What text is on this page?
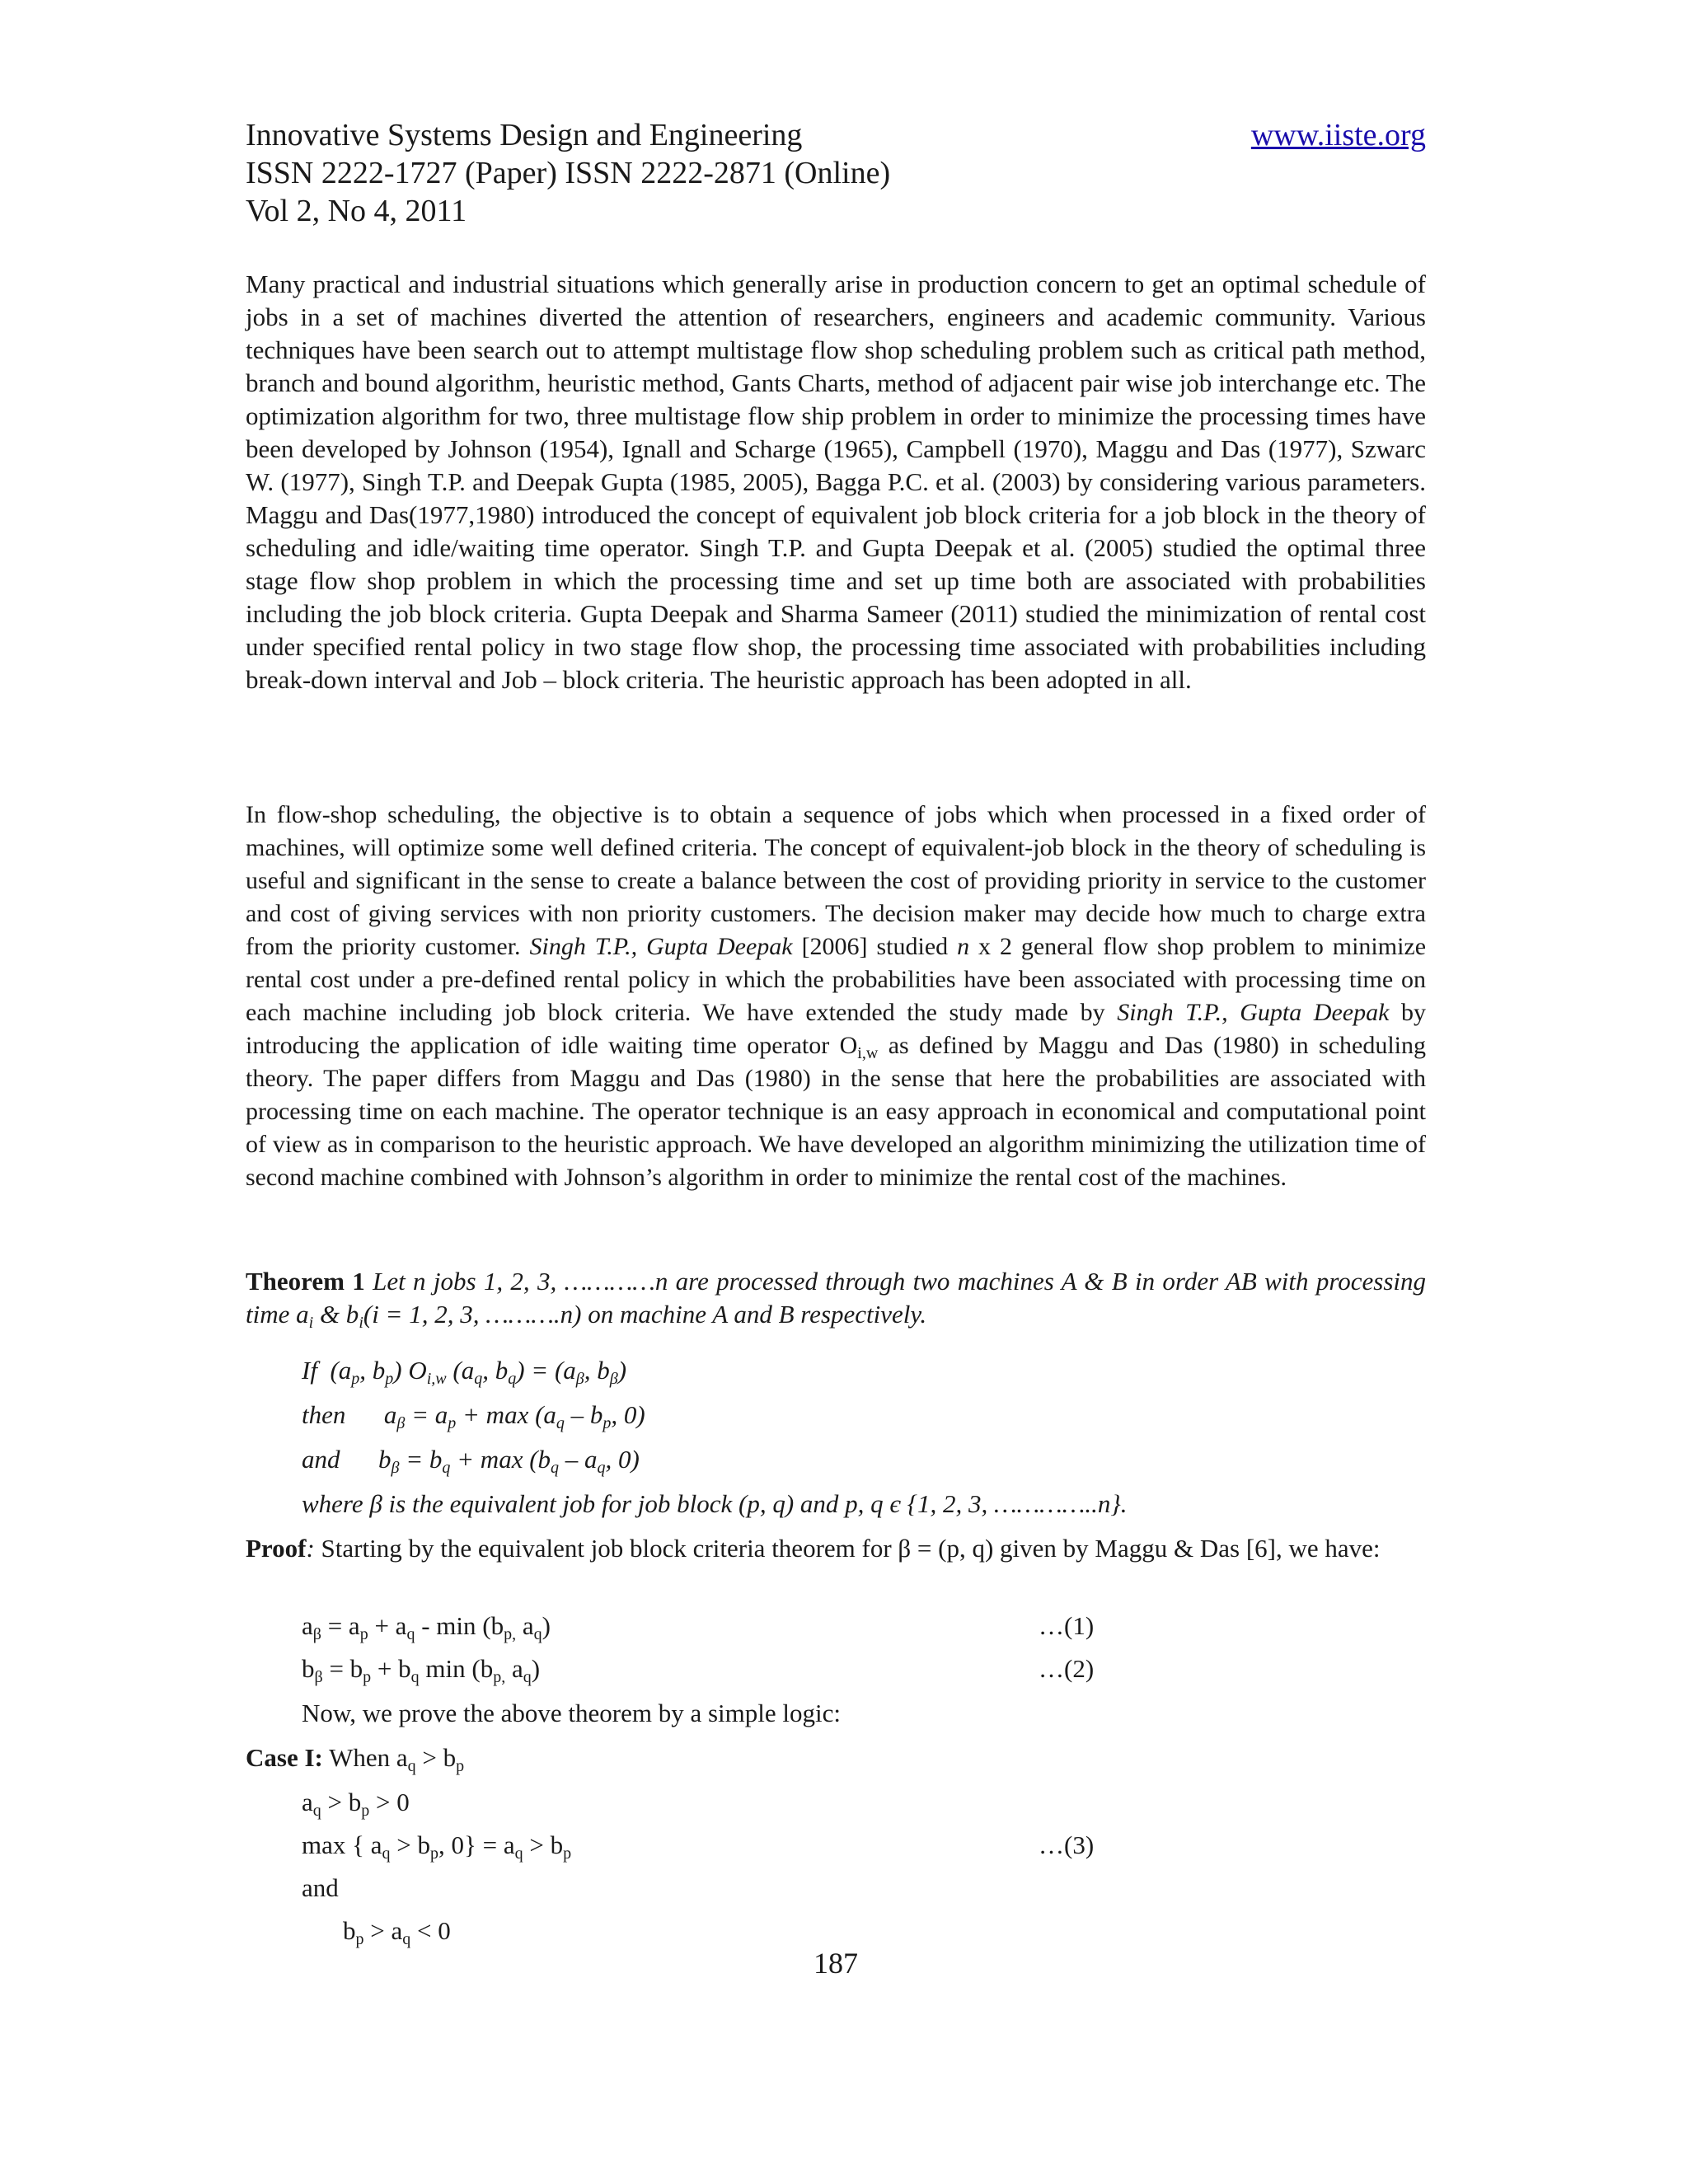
Innovative Systems Design and Engineering	www.iiste.org
ISSN 2222-1727 (Paper) ISSN 2222-2871 (Online)
Vol 2, No 4, 2011

Many practical and industrial situations which generally arise in production concern to get an optimal schedule of jobs in a set of machines diverted the attention of researchers, engineers and academic community. Various techniques have been search out to attempt multistage flow shop scheduling problem such as critical path method, branch and bound algorithm, heuristic method, Gants Charts, method of adjacent pair wise job interchange etc. The optimization algorithm for two, three multistage flow ship problem in order to minimize the processing times have been developed by Johnson (1954), Ignall and Scharge (1965), Campbell (1970), Maggu and Das (1977), Szwarc W. (1977), Singh T.P. and Deepak Gupta (1985, 2005), Bagga P.C. et al. (2003) by considering various parameters. Maggu and Das(1977,1980) introduced the concept of equivalent job block criteria for a job block in the theory of scheduling and idle/waiting time operator. Singh T.P. and Gupta Deepak et al. (2005) studied the optimal three stage flow shop problem in which the processing time and set up time both are associated with probabilities including the job block criteria. Gupta Deepak and Sharma Sameer (2011) studied the minimization of rental cost under specified rental policy in two stage flow shop, the processing time associated with probabilities including break-down interval and Job – block criteria. The heuristic approach has been adopted in all.

In flow-shop scheduling, the objective is to obtain a sequence of jobs which when processed in a fixed order of machines, will optimize some well defined criteria. The concept of equivalent-job block in the theory of scheduling is useful and significant in the sense to create a balance between the cost of providing priority in service to the customer and cost of giving services with non priority customers. The decision maker may decide how much to charge extra from the priority customer. Singh T.P., Gupta Deepak [2006] studied n x 2 general flow shop problem to minimize rental cost under a pre-defined rental policy in which the probabilities have been associated with processing time on each machine including job block criteria. We have extended the study made by Singh T.P., Gupta Deepak by introducing the application of idle waiting time operator $O_{i,w}$ as defined by Maggu and Das (1980) in scheduling theory. The paper differs from Maggu and Das (1980) in the sense that here the probabilities are associated with processing time on each machine. The operator technique is an easy approach in economical and computational point of view as in comparison to the heuristic approach. We have developed an algorithm minimizing the utilization time of second machine combined with Johnson’s algorithm in order to minimize the rental cost of the machines.

Theorem 1 Let n jobs 1, 2, 3, …………n are processed through two machines A & B in order AB with processing time $a_i$ & $b_i(i = 1$, 2, 3, ……….n) on machine A and B respectively.

If  ($a_p$, $b_p$) $O_{i,w}$ ($a_q$, $b_q) = (a_\beta$, $b_\beta$)
then      $a_\beta = a_p + \max (a_q - b_p$, 0)
and      $b_\beta = b_q + \max (b_q - a_q$, 0)
where β is the equivalent job for job block (p, q) and p, q є {1, 2, 3, …………..n}.

Proof: Starting by the equivalent job block criteria theorem for β = (p, q) given by Maggu & Das [6], we have:

$a_\beta = a_p + a_q - \min (b_{p,}$ $a_q$)	…(1)
$b_\beta = b_p + b_q$ $\min (b_{p,}$ $a_q$)	…(2)
Now, we prove the above theorem by a simple logic:
Case I: When $a_q > b_p$
$a_q > b_p > 0$
max { $a_q > b_p$, $0\} = a_q > b_p$	…(3)
and
$b_p > a_q < 0$
187
